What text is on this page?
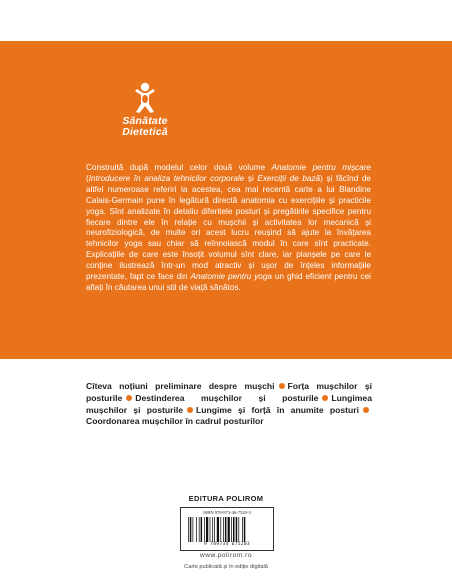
Sănătate
Dietetică

Construită după modelul celor două volume Anatomie pentru mișcare (Introducere în analiza tehnicilor corporale și Exerciții de bază) și făcînd de altfel numeroase referiri la acestea, cea mai recentă carte a lui Blandine Calais-Germain pune în legătură directă anatomia cu exercițiile și practicile yoga. Sînt analizate în detaliu diferitele posturi și pregătirile specifice pentru fiecare dintre ele în relație cu mușchii și activitatea lor mecanică și neurofiziologică, de multe ori acest lucru reușind să ajute la învățarea tehnicilor yoga sau chiar să reînnoiască modul în care sînt practicate. Explicațiile de care este însoțit volumul sînt clare, iar planșele pe care le conține ilustrează într-un mod atractiv și ușor de înțeles informațiile prezentate, fapt ce face din Anatomie pentru yoga un ghid eficient pentru cei aflați în căutarea unui stil de viață sănătos.

Cîteva noțiuni preliminare despre mușchi Forța mușchilor și posturile Destinderea mușchilor și posturile Lungimea mușchilor și posturile Lungime și forță în anumite posturiCoordonarea mușchilor în cadrul posturilor

EDITURA POLIROM
ISBN 978-973-46-7520-3
9 789734 675203
www.polirom.ro
Carte publicată și în ediție digitală
